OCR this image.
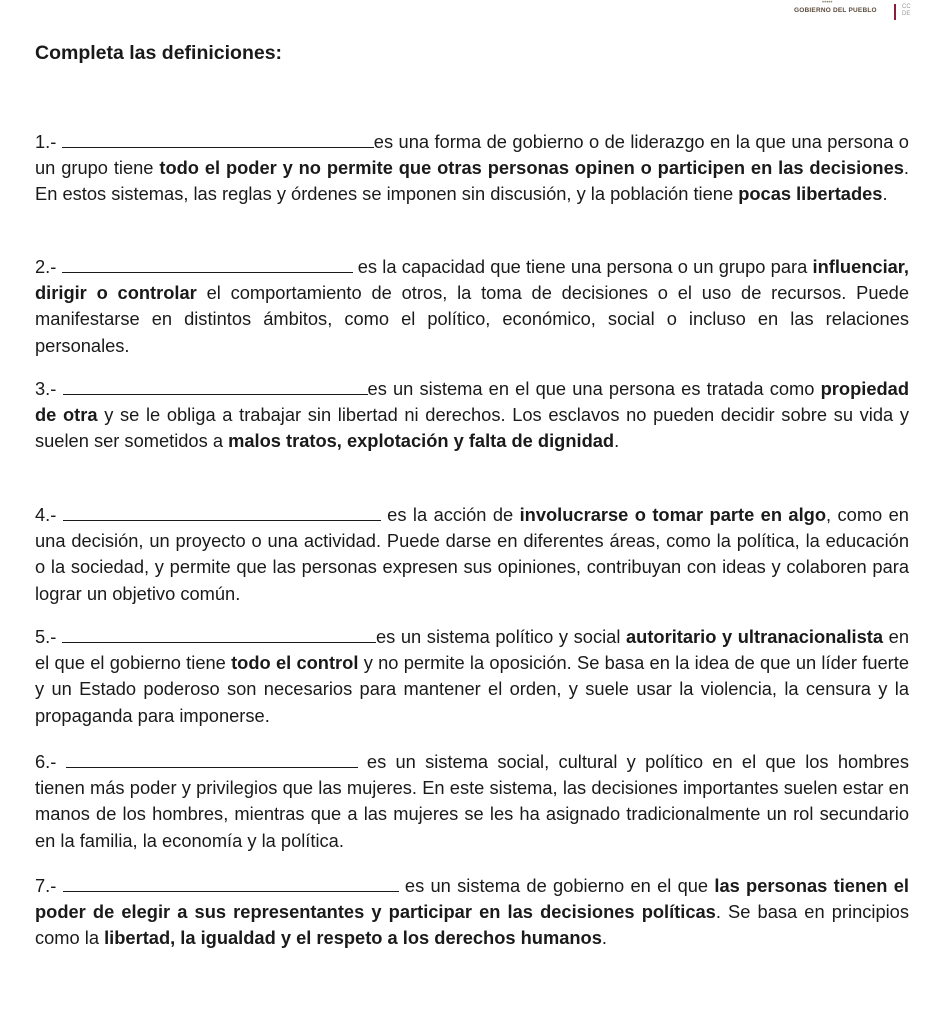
•••••
GOBIERNO DEL PUEBLO	CC
DE
Completa las definiciones:

1.-	es una forma de gobierno o de liderazgo en la que una persona o un grupo tiene todo el poder y no permite que otras personas opinen o participen en las decisiones. En estos sistemas, las reglas y órdenes se imponen sin discusión, y la población tiene pocas libertades.

2.-	es la capacidad que tiene una persona o un grupo para influenciar, dirigir o controlar el comportamiento de otros, la toma de decisiones o el uso de recursos. Puede manifestarse en distintos ámbitos, como el político, económico, social o incluso en las relaciones personales.

3.-	es un sistema en el que una persona es tratada como propiedad de otra y se le obliga a trabajar sin libertad ni derechos. Los esclavos no pueden decidir sobre su vida y suelen ser sometidos a malos tratos, explotación y falta de dignidad.

4.-	es la acción de involucrarse o tomar parte en algo, como en una decisión, un proyecto o una actividad. Puede darse en diferentes áreas, como la política, la educación o la sociedad, y permite que las personas expresen sus opiniones, contribuyan con ideas y colaboren para lograr un objetivo común.

5.-	es un sistema político y social autoritario y ultranacionalista en el que el gobierno tiene todo el control y no permite la oposición. Se basa en la idea de que un líder fuerte y un Estado poderoso son necesarios para mantener el orden, y suele usar la violencia, la censura y la propaganda para imponerse.

6.-	es un sistema social, cultural y político en el que los hombres tienen más poder y privilegios que las mujeres. En este sistema, las decisiones importantes suelen estar en manos de los hombres, mientras que a las mujeres se les ha asignado tradicionalmente un rol secundario en la familia, la economía y la política.

7.-	es un sistema de gobierno en el que las personas tienen el poder de elegir a sus representantes y participar en las decisiones políticas. Se basa en principios como la libertad, la igualdad y el respeto a los derechos humanos.
